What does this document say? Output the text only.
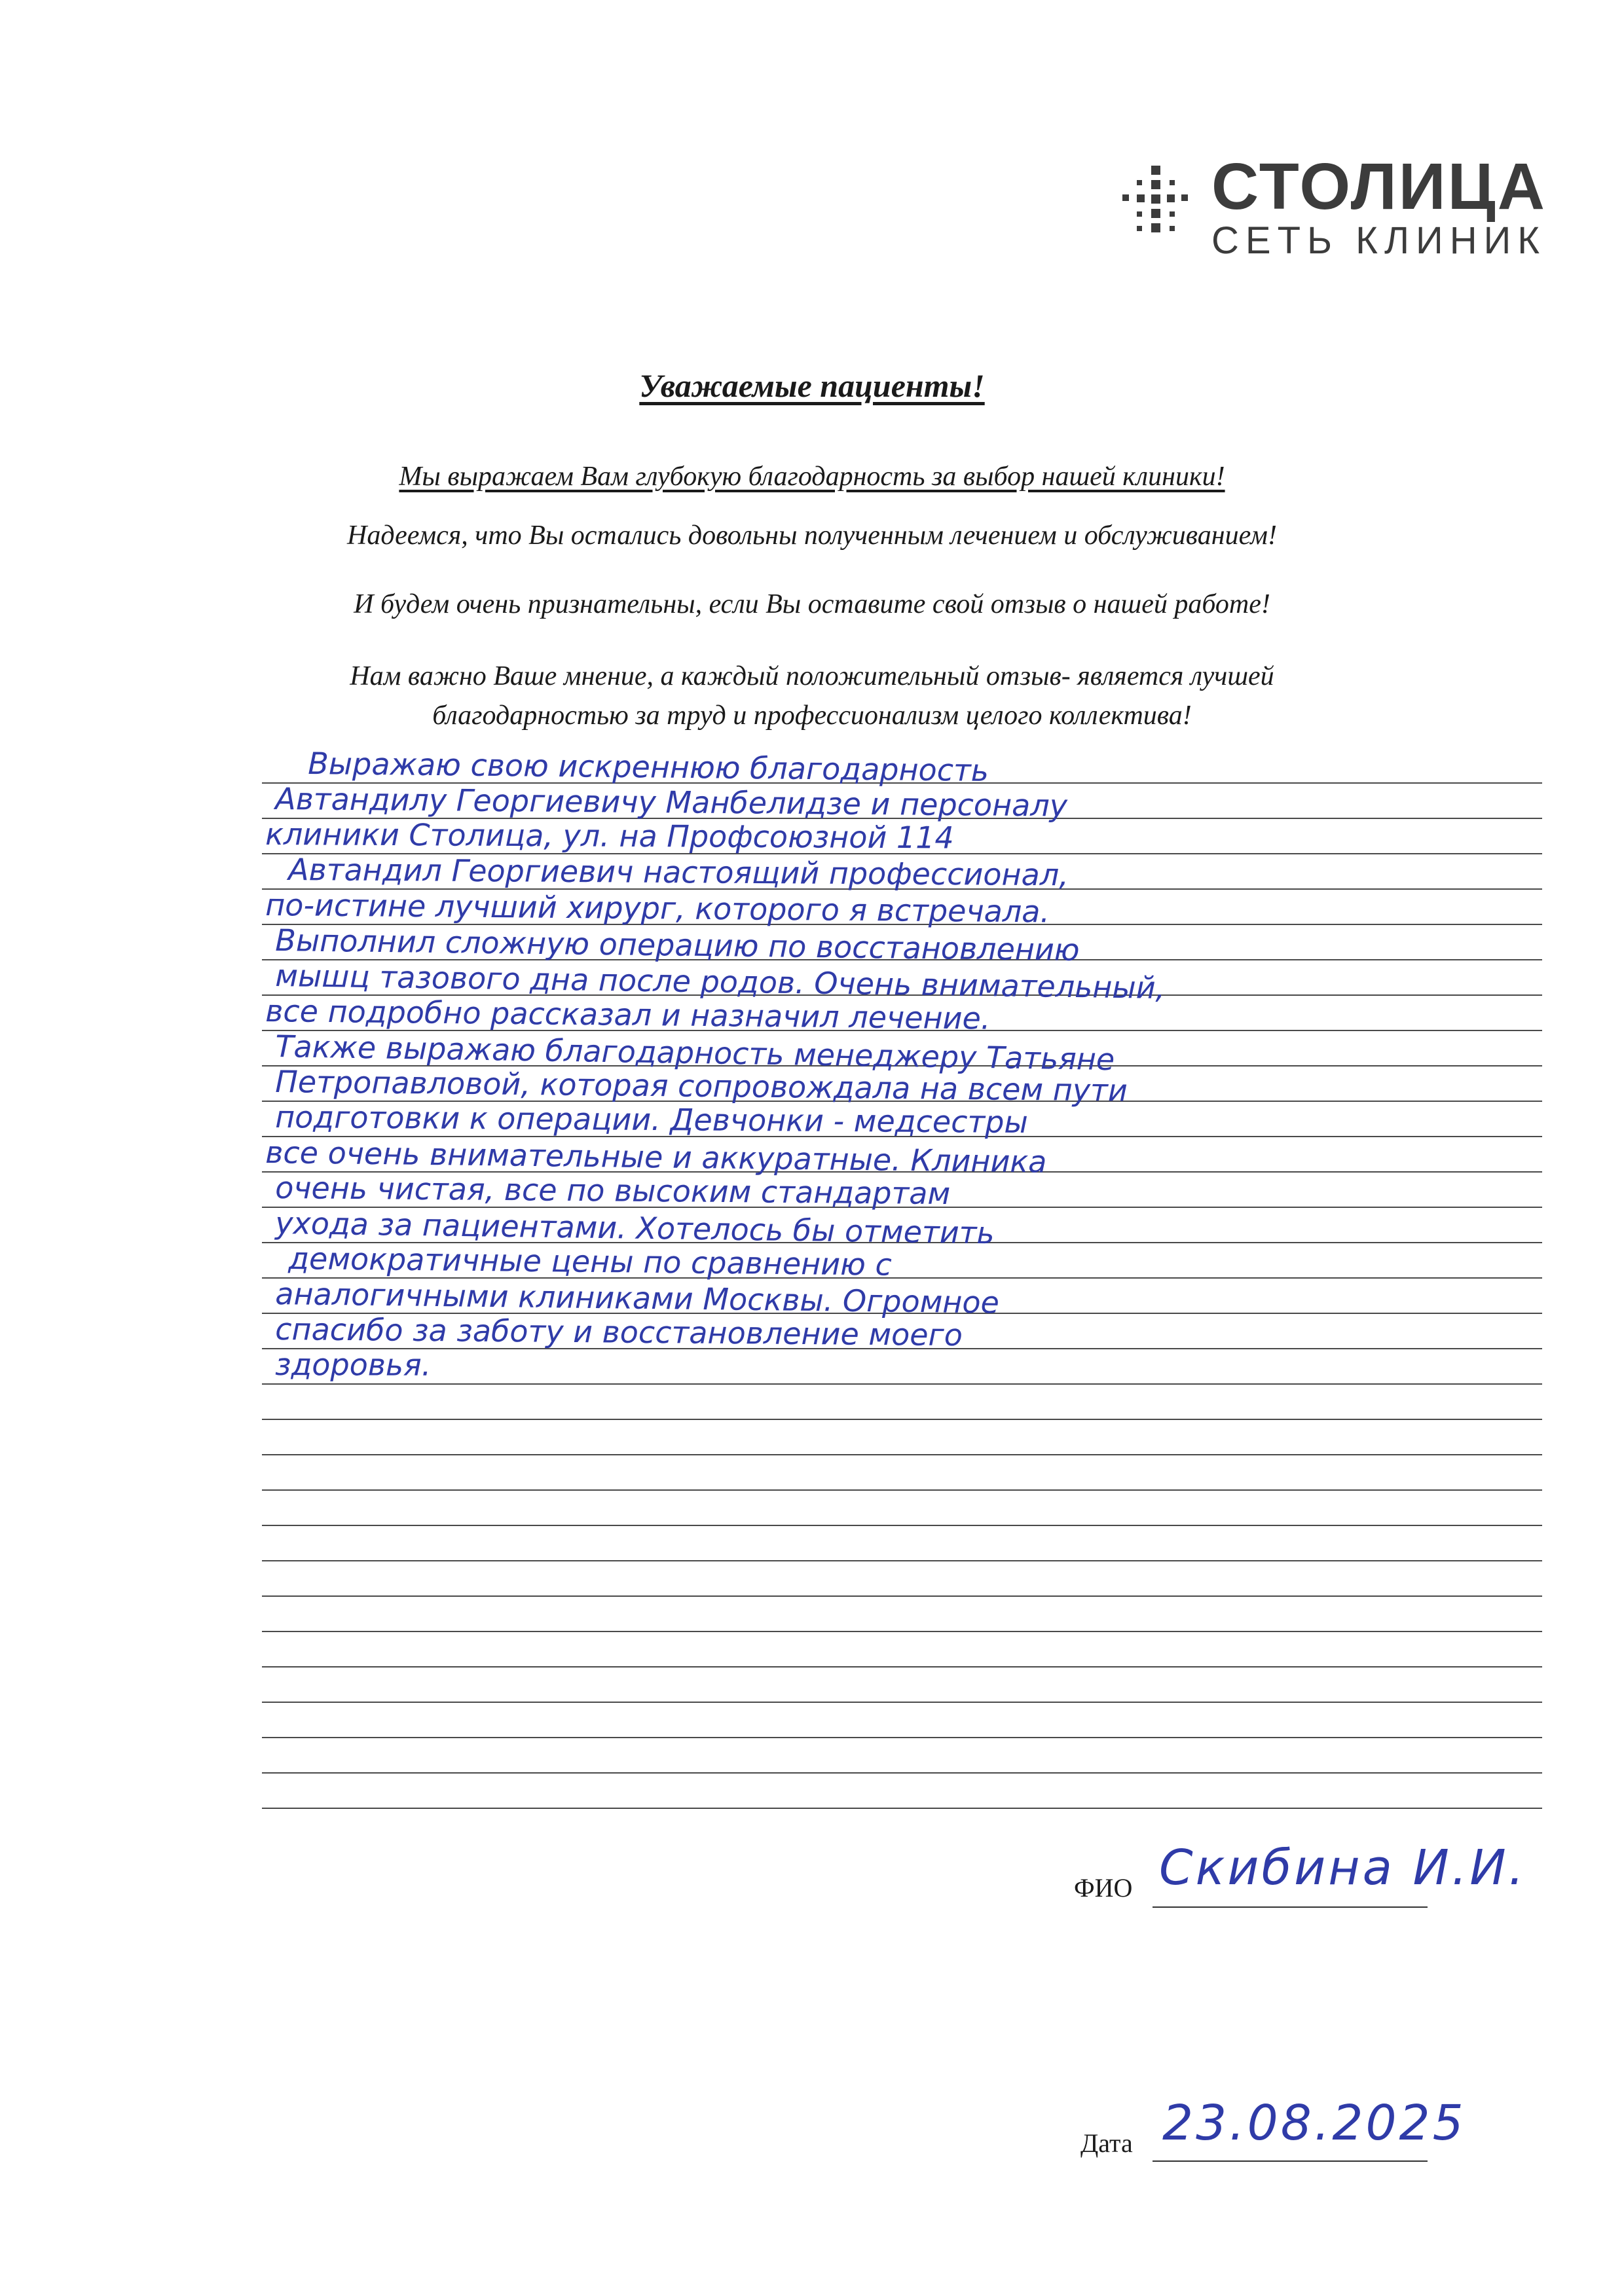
СТОЛИЦА
СЕТЬ КЛИНИК
Уважаемые пациенты!
Мы выражаем Вам глубокую благодарность за выбор нашей клиники!
Надеемся, что Вы остались довольны полученным лечением и обслуживанием!
И будем очень признательны, если Вы оставите свой отзыв о нашей работе!
Нам важно Ваше мнение, а каждый положительный отзыв- является лучшей
благодарностью за труд и профессионализм целого коллектива!
Выражаю свою искреннюю благодарность
Автандилу Георгиевичу Манбелидзе и персоналу
клиники Столица, ул. на Профсоюзной 114
Автандил Георгиевич настоящий профессионал,
по-истине лучший хирург, которого я встречала.
Выполнил сложную операцию по восстановлению
мышц тазового дна после родов. Очень внимательный,
все подробно рассказал и назначил лечение.
Также выражаю благодарность менеджеру Татьяне
Петропавловой, которая сопровождала на всем пути
подготовки к операции. Девчонки - медсестры
все очень внимательные и аккуратные. Клиника
очень чистая, все по высоким стандартам
ухода за пациентами. Хотелось бы отметить
демократичные цены по сравнению с
аналогичными клиниками Москвы. Огромное
спасибо за заботу и восстановление моего
здоровья.
ФИО Скибина И.И.
Дата 23.08.2025
